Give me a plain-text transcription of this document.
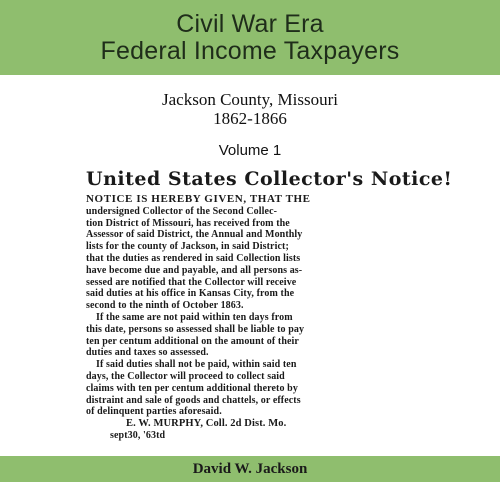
Civil War Era
Federal Income Taxpayers
Jackson County, Missouri
1862-1866
Volume 1
United States Collector's Notice!
NOTICE IS HEREBY GIVEN, THAT THE
undersigned Collector of the Second Collec-
tion District of Missouri, has received from the
Assessor of said District, the Annual and Monthly
lists for the county of Jackson, in said District;
that the duties as rendered in said Collection lists
have become due and payable, and all persons as-
sessed are notified that the Collector will receive
said duties at his office in Kansas City, from the
second to the ninth of October 1863.
If the same are not paid within ten days from
this date, persons so assessed shall be liable to pay
ten per centum additional on the amount of their
duties and taxes so assessed.
If said duties shall not be paid, within said ten
days, the Collector will proceed to collect said
claims with ten per centum additional thereto by
distraint and sale of goods and chattels, or effects
of delinquent parties aforesaid.
E. W. MURPHY, Coll. 2d Dist. Mo.
sept30, '63td
David W. Jackson
